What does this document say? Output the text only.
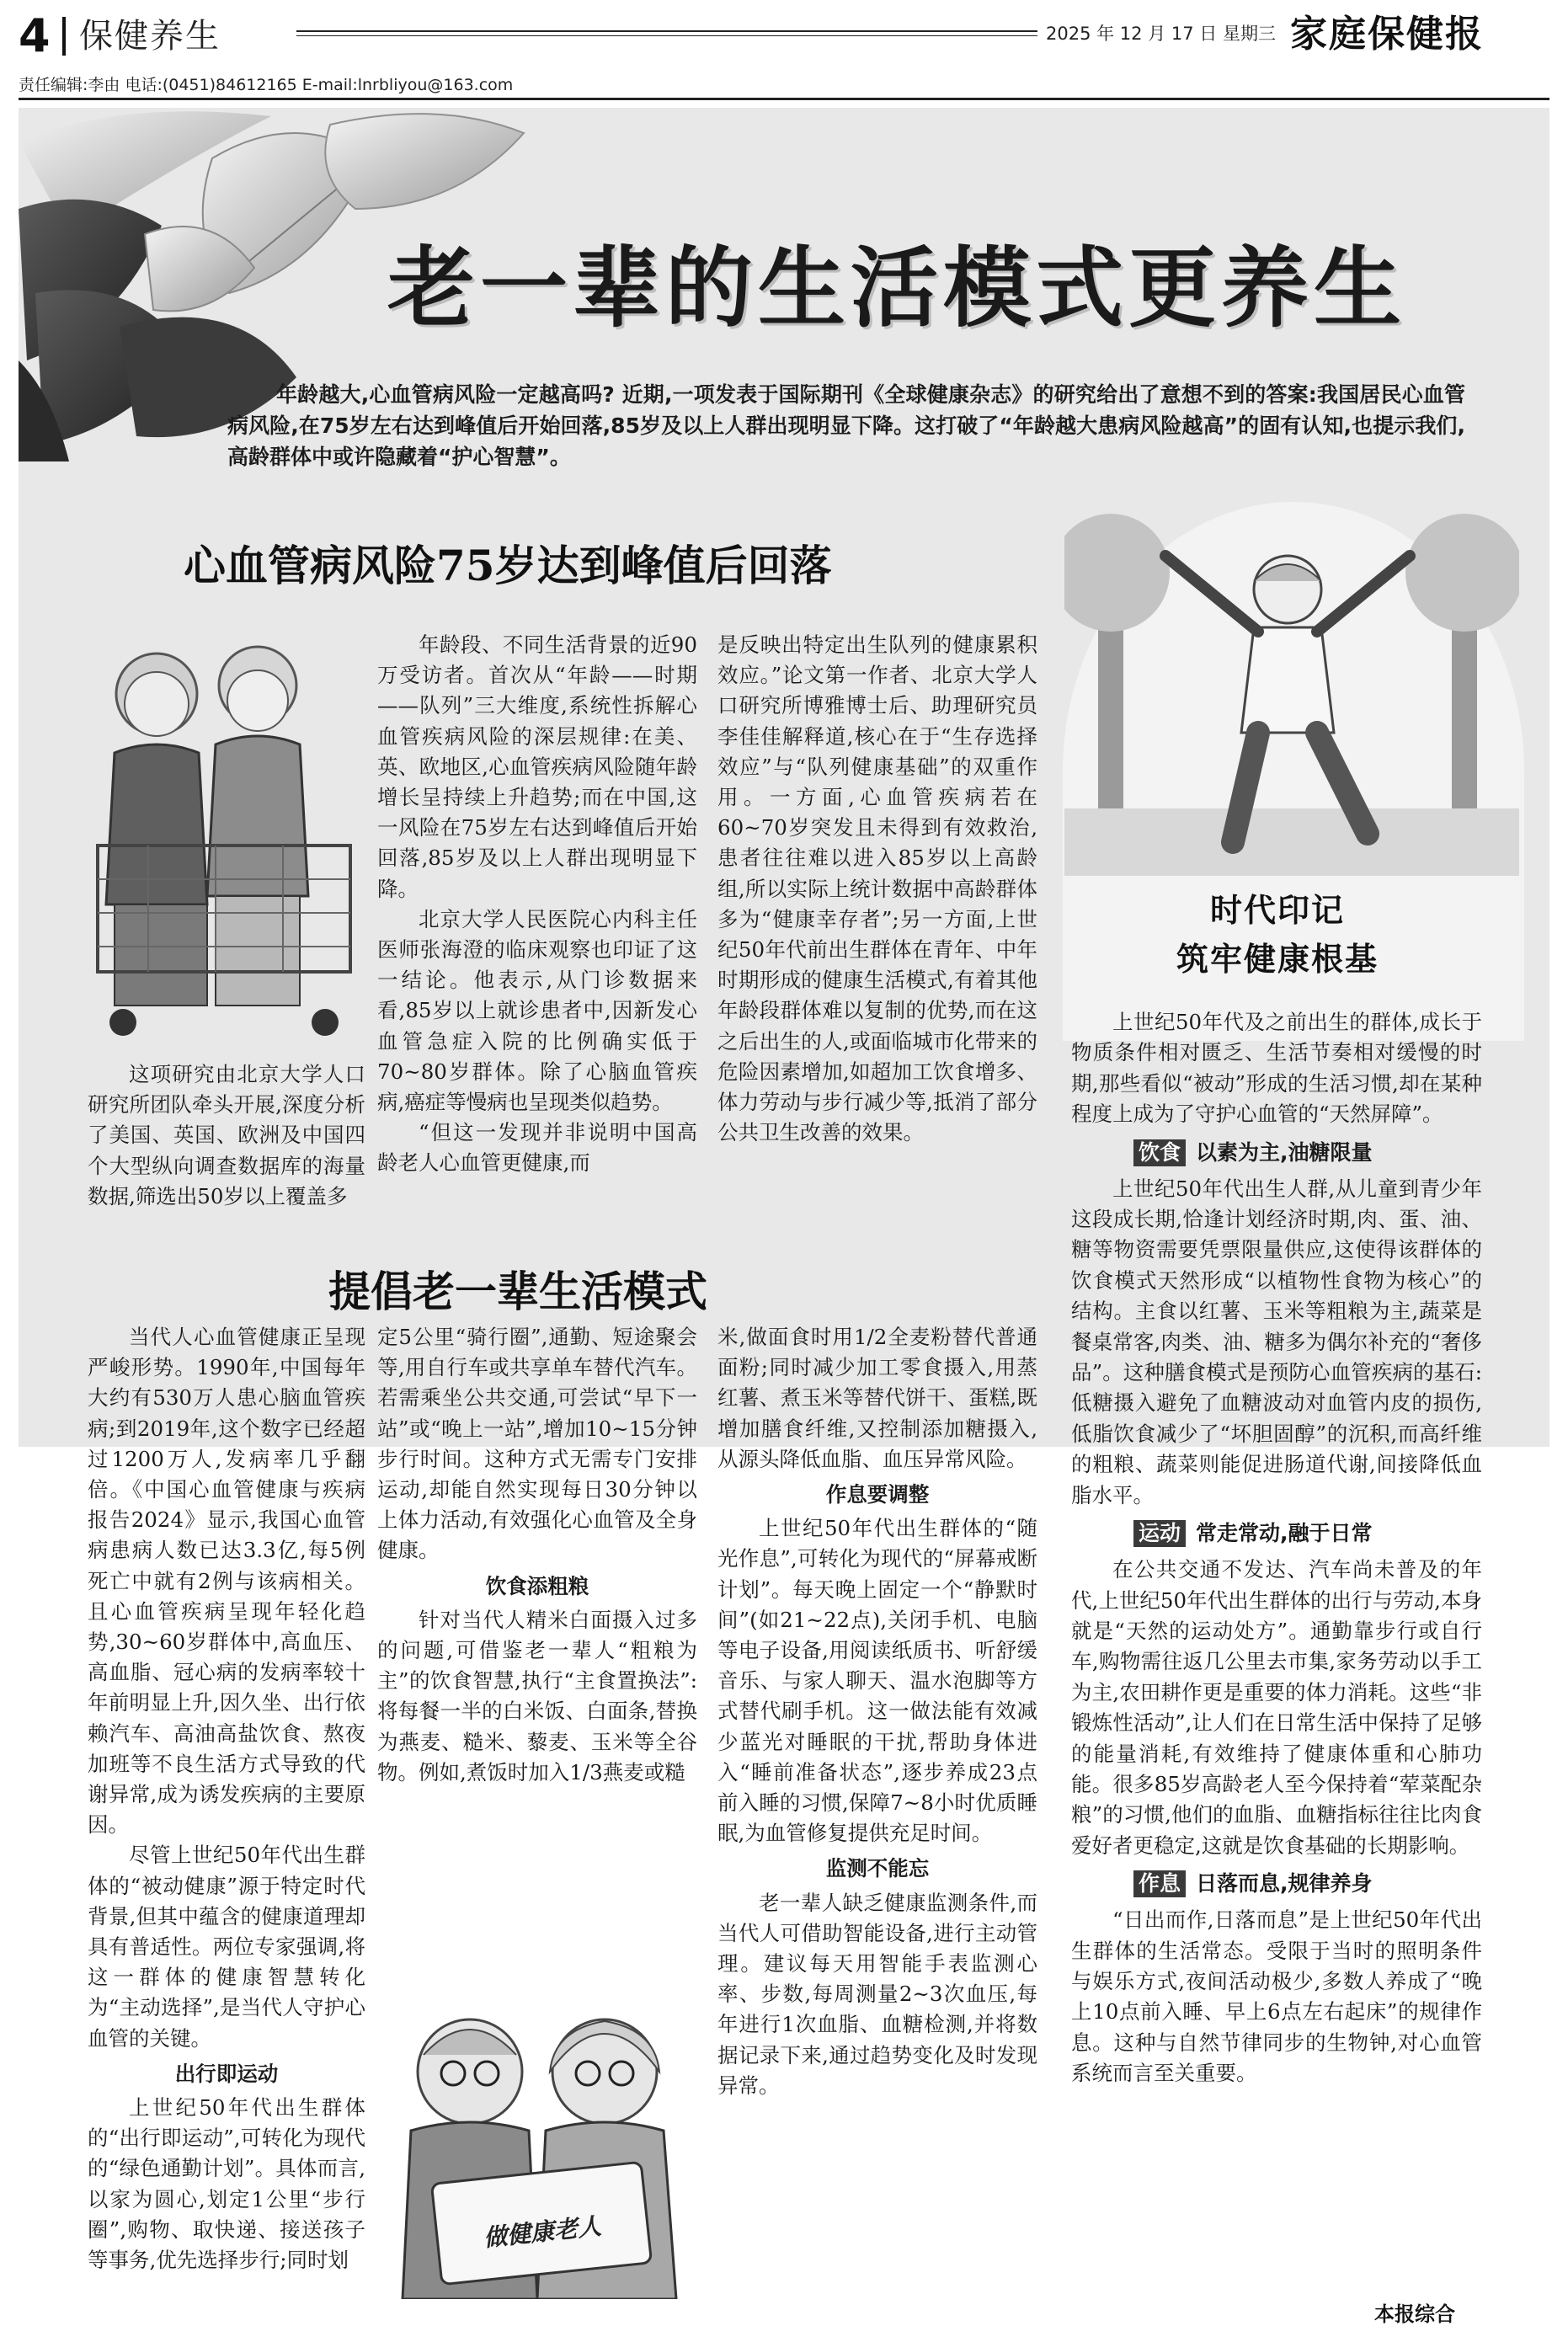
4 保健养生	2025 年 12 月 17 日 星期三 家庭保健报
责任编辑:李由 电话:(0451)84612165 E-mail:lnrbliyou@163.com
老一辈的生活模式更养生
年龄越大,心血管病风险一定越高吗? 近期,一项发表于国际期刊《全球健康杂志》的研究给出了意想不到的答案:我国居民心血管病风险,在75岁左右达到峰值后开始回落,85岁及以上人群出现明显下降。这打破了“年龄越大患病风险越高”的固有认知,也提示我们,高龄群体中或许隐藏着“护心智慧”。
心血管病风险75岁达到峰值后回落

这项研究由北京大学人口研究所团队牵头开展,深度分析了美国、英国、欧洲及中国四个大型纵向调查数据库的海量数据,筛选出50岁以上覆盖多

年龄段、不同生活背景的近90万受访者。首次从“年龄——时期——队列”三大维度,系统性拆解心血管疾病风险的深层规律:在美、英、欧地区,心血管疾病风险随年龄增长呈持续上升趋势;而在中国,这一风险在75岁左右达到峰值后开始回落,85岁及以上人群出现明显下降。

北京大学人民医院心内科主任医师张海澄的临床观察也印证了这一结论。他表示,从门诊数据来看,85岁以上就诊患者中,因新发心血管急症入院的比例确实低于70~80岁群体。除了心脑血管疾病,癌症等慢病也呈现类似趋势。

“但这一发现并非说明中国高龄老人心血管更健康,而

是反映出特定出生队列的健康累积效应。”论文第一作者、北京大学人口研究所博雅博士后、助理研究员李佳佳解释道,核心在于“生存选择效应”与“队列健康基础”的双重作用。一方面,心血管疾病若在60~70岁突发且未得到有效救治,患者往往难以进入85岁以上高龄组,所以实际上统计数据中高龄群体多为“健康幸存者”;另一方面,上世纪50年代前出生群体在青年、中年时期形成的健康生活模式,有着其他年龄段群体难以复制的优势,而在这之后出生的人,或面临城市化带来的危险因素增加,如超加工饮食增多、体力劳动与步行减少等,抵消了部分公共卫生改善的效果。

时代印记
筑牢健康根基

上世纪50年代及之前出生的群体,成长于物质条件相对匮乏、生活节奏相对缓慢的时期,那些看似“被动”形成的生活习惯,却在某种程度上成为了守护心血管的“天然屏障”。

饮食 以素为主,油糖限量

上世纪50年代出生人群,从儿童到青少年这段成长期,恰逢计划经济时期,肉、蛋、油、糖等物资需要凭票限量供应,这使得该群体的饮食模式天然形成“以植物性食物为核心”的结构。主食以红薯、玉米等粗粮为主,蔬菜是餐桌常客,肉类、油、糖多为偶尔补充的“奢侈品”。这种膳食模式是预防心血管疾病的基石:低糖摄入避免了血糖波动对血管内皮的损伤,低脂饮食减少了“坏胆固醇”的沉积,而高纤维的粗粮、蔬菜则能促进肠道代谢,间接降低血脂水平。

运动 常走常动,融于日常

在公共交通不发达、汽车尚未普及的年代,上世纪50年代出生群体的出行与劳动,本身就是“天然的运动处方”。通勤靠步行或自行车,购物需往返几公里去市集,家务劳动以手工为主,农田耕作更是重要的体力消耗。这些“非锻炼性活动”,让人们在日常生活中保持了足够的能量消耗,有效维持了健康体重和心肺功能。很多85岁高龄老人至今保持着“荤菜配杂粮”的习惯,他们的血脂、血糖指标往往比肉食爱好者更稳定,这就是饮食基础的长期影响。

作息 日落而息,规律养身

“日出而作,日落而息”是上世纪50年代出生群体的生活常态。受限于当时的照明条件与娱乐方式,夜间活动极少,多数人养成了“晚上10点前入睡、早上6点左右起床”的规律作息。这种与自然节律同步的生物钟,对心血管系统而言至关重要。

提倡老一辈生活模式

当代人心血管健康正呈现严峻形势。1990年,中国每年大约有530万人患心脑血管疾病;到2019年,这个数字已经超过1200万人,发病率几乎翻倍。《中国心血管健康与疾病报告2024》显示,我国心血管病患病人数已达3.3亿,每5例死亡中就有2例与该病相关。且心血管疾病呈现年轻化趋势,30~60岁群体中,高血压、高血脂、冠心病的发病率较十年前明显上升,因久坐、出行依赖汽车、高油高盐饮食、熬夜加班等不良生活方式导致的代谢异常,成为诱发疾病的主要原因。

尽管上世纪50年代出生群体的“被动健康”源于特定时代背景,但其中蕴含的健康道理却具有普适性。两位专家强调,将这一群体的健康智慧转化为“主动选择”,是当代人守护心血管的关键。

出行即运动

上世纪50年代出生群体的“出行即运动”,可转化为现代的“绿色通勤计划”。具体而言,以家为圆心,划定1公里“步行圈”,购物、取快递、接送孩子等事务,优先选择步行;同时划

定5公里“骑行圈”,通勤、短途聚会等,用自行车或共享单车替代汽车。若需乘坐公共交通,可尝试“早下一站”或“晚上一站”,增加10~15分钟步行时间。这种方式无需专门安排运动,却能自然实现每日30分钟以上体力活动,有效强化心血管及全身健康。

饮食添粗粮

针对当代人精米白面摄入过多的问题,可借鉴老一辈人“粗粮为主”的饮食智慧,执行“主食置换法”:将每餐一半的白米饭、白面条,替换为燕麦、糙米、藜麦、玉米等全谷物。例如,煮饭时加入1/3燕麦或糙

做健康老人

米,做面食时用1/2全麦粉替代普通面粉;同时减少加工零食摄入,用蒸红薯、煮玉米等替代饼干、蛋糕,既增加膳食纤维,又控制添加糖摄入,从源头降低血脂、血压异常风险。

作息要调整

上世纪50年代出生群体的“随光作息”,可转化为现代的“屏幕戒断计划”。每天晚上固定一个“静默时间”(如21~22点),关闭手机、电脑等电子设备,用阅读纸质书、听舒缓音乐、与家人聊天、温水泡脚等方式替代刷手机。这一做法能有效减少蓝光对睡眠的干扰,帮助身体进入“睡前准备状态”,逐步养成23点前入睡的习惯,保障7~8小时优质睡眠,为血管修复提供充足时间。

监测不能忘

老一辈人缺乏健康监测条件,而当代人可借助智能设备,进行主动管理。建议每天用智能手表监测心率、步数,每周测量2~3次血压,每年进行1次血脂、血糖检测,并将数据记录下来,通过趋势变化及时发现异常。

本报综合
